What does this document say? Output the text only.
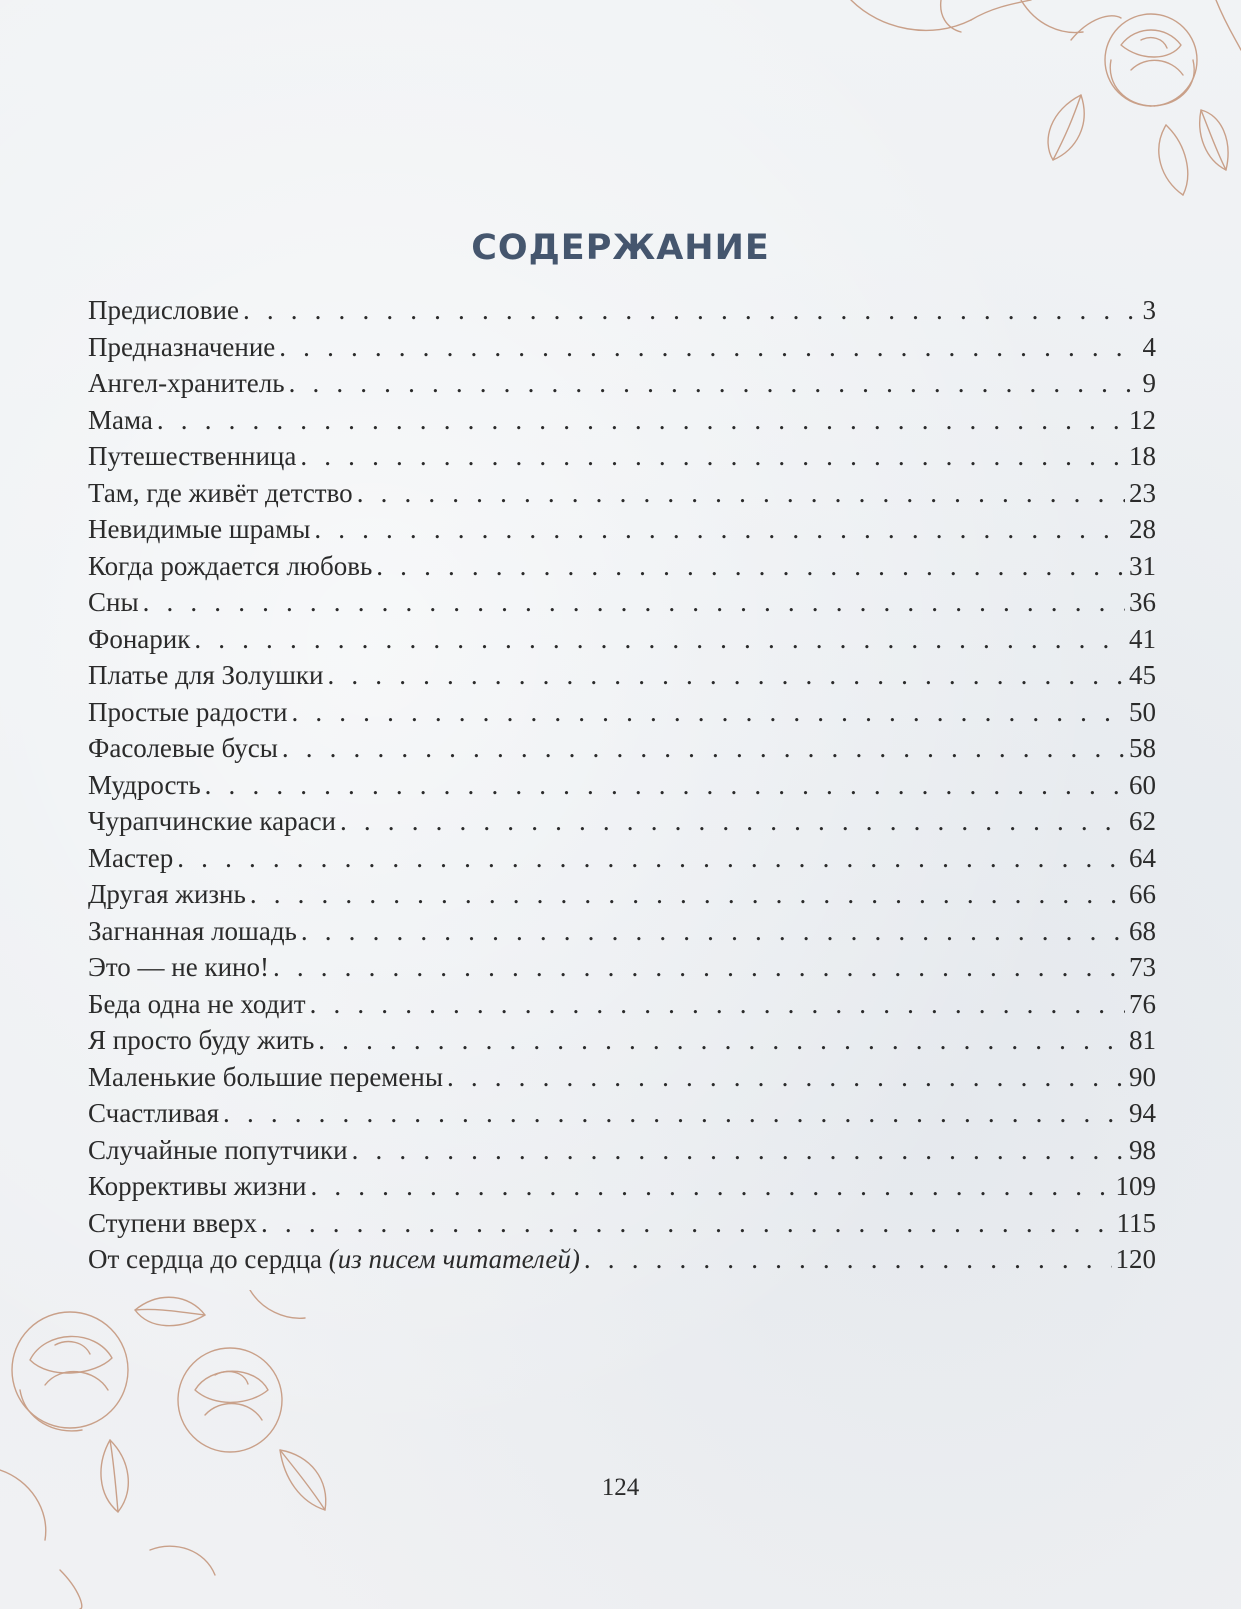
СОДЕРЖАНИЕ
Предисловие . . .	3
Предназначение . . .	4
Ангел-хранитель . . .	9
Мама . . .	12
Путешественница . . .	18
Там, где живёт детство . . .	23
Невидимые шрамы . . .	28
Когда рождается любовь . . .	31
Сны . . .	36
Фонарик . . .	41
Платье для Золушки . . .	45
Простые радости . . .	50
Фасолевые бусы . . .	58
Мудрость . . .	60
Чурапчинские караси . . .	62
Мастер . . .	64
Другая жизнь . . .	66
Загнанная лошадь . . .	68
Это — не кино! . . .	73
Беда одна не ходит . . .	76
Я просто буду жить . . .	81
Маленькие большие перемены . . .	90
Счастливая . . .	94
Случайные попутчики . . .	98
Коррективы жизни . . .	109
Ступени вверх . . .	115
От сердца до сердца (из писем читателей) . . .	120
124
